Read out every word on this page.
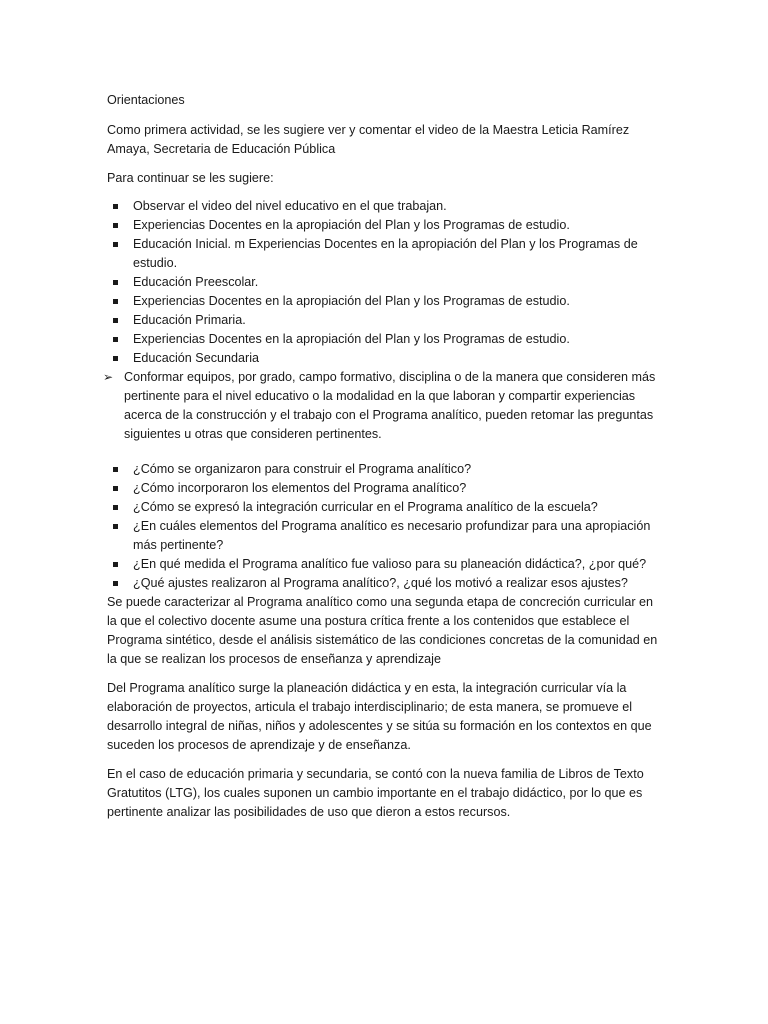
Orientaciones

Como primera actividad, se les sugiere ver y comentar el video de la Maestra Leticia Ramírez Amaya, Secretaria de Educación Pública

Para continuar se les sugiere:

Observar el video del nivel educativo en el que trabajan.
Experiencias Docentes en la apropiación del Plan y los Programas de estudio.
Educación Inicial. m Experiencias Docentes en la apropiación del Plan y los Programas de estudio.
Educación Preescolar.
Experiencias Docentes en la apropiación del Plan y los Programas de estudio.
Educación Primaria.
Experiencias Docentes en la apropiación del Plan y los Programas de estudio.
Educación Secundaria
➢ Conformar equipos, por grado, campo formativo, disciplina o de la manera que consideren más pertinente para el nivel educativo o la modalidad en la que laboran y compartir experiencias acerca de la construcción y el trabajo con el Programa analítico, pueden retomar las preguntas siguientes u otras que consideren pertinentes.

¿Cómo se organizaron para construir el Programa analítico?
¿Cómo incorporaron los elementos del Programa analítico?
¿Cómo se expresó la integración curricular en el Programa analítico de la escuela?
¿En cuáles elementos del Programa analítico es necesario profundizar para una apropiación más pertinente?
¿En qué medida el Programa analítico fue valioso para su planeación didáctica?, ¿por qué?
¿Qué ajustes realizaron al Programa analítico?, ¿qué los motivó a realizar esos ajustes?

Se puede caracterizar al Programa analítico como una segunda etapa de concreción curricular en la que el colectivo docente asume una postura crítica frente a los contenidos que establece el Programa sintético, desde el análisis sistemático de las condiciones concretas de la comunidad en la que se realizan los procesos de enseñanza y aprendizaje

Del Programa analítico surge la planeación didáctica y en esta, la integración curricular vía la elaboración de proyectos, articula el trabajo interdisciplinario; de esta manera, se promueve el desarrollo integral de niñas, niños y adolescentes y se sitúa su formación en los contextos en que suceden los procesos de aprendizaje y de enseñanza.

En el caso de educación primaria y secundaria, se contó con la nueva familia de Libros de Texto Gratutitos (LTG), los cuales suponen un cambio importante en el trabajo didáctico, por lo que es pertinente analizar las posibilidades de uso que dieron a estos recursos.
